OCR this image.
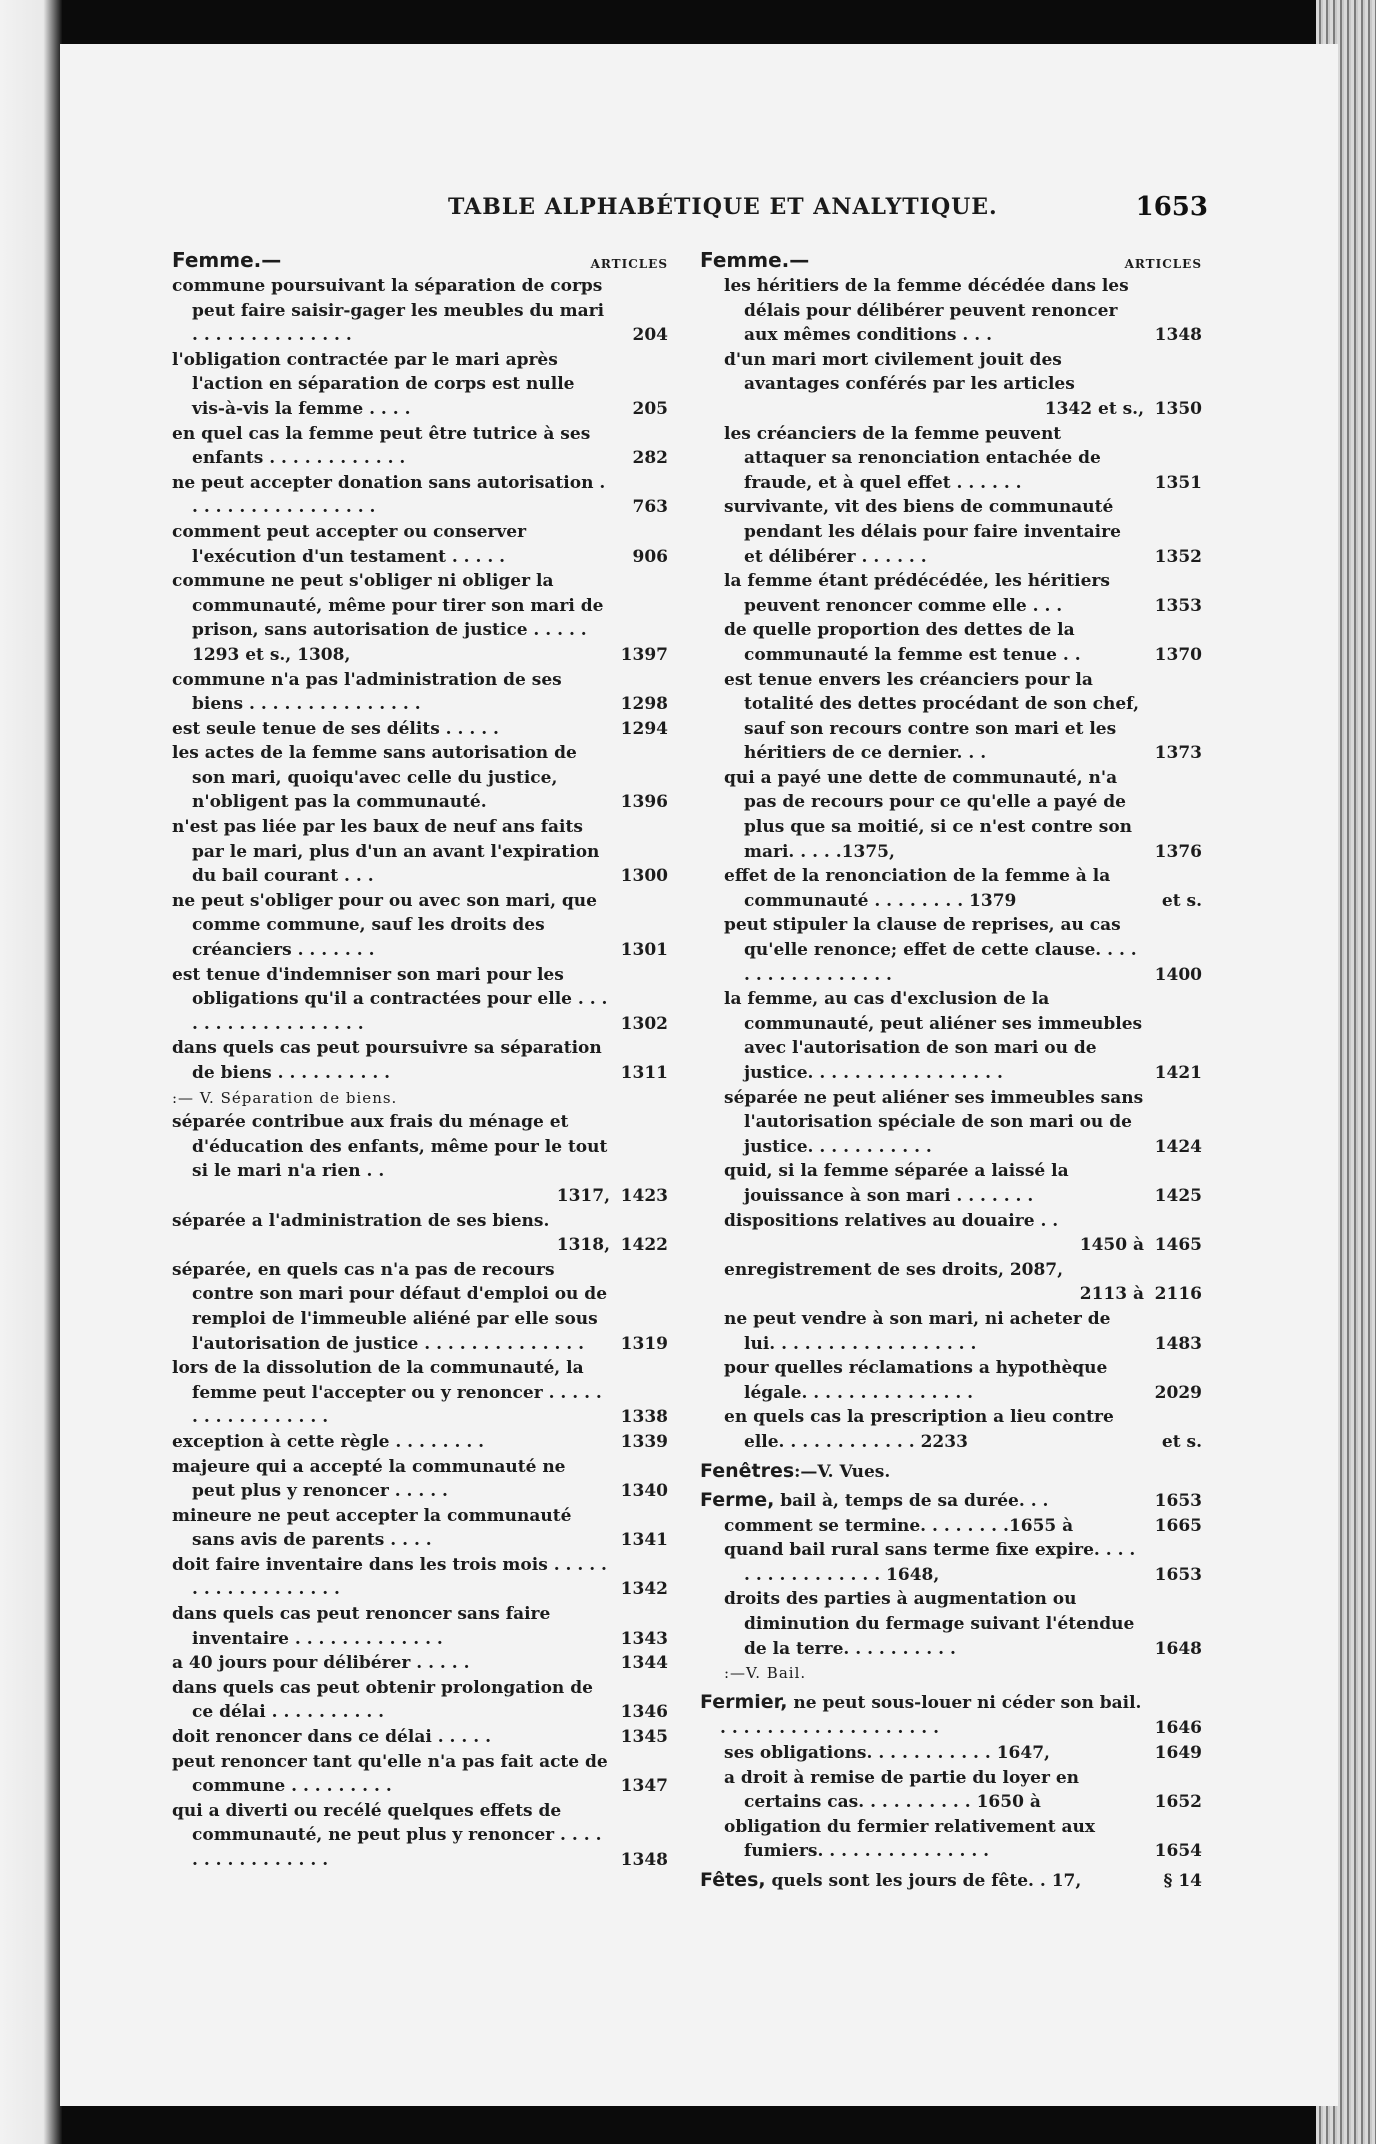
TABLE ALPHABÉTIQUE ET ANALYTIQUE.	1653
Femme.—	ARTICLES
commune poursuivant la séparation de corps peut faire saisir-gager les meubles du mari . . . . . . . . . . . . . .	204
l'obligation contractée par le mari après l'action en séparation de corps est nulle vis-à-vis la femme . . . .	205
en quel cas la femme peut être tutrice à ses enfants . . . . . . . . . . . .	282
ne peut accepter donation sans autorisation . . . . . . . . . . . . . . . . .	763
comment peut accepter ou conserver l'exécution d'un testament . . . . .	906
commune ne peut s'obliger ni obliger la communauté, même pour tirer son mari de prison, sans autorisation de justice . . . . . 1293 et s., 1308,	1397
commune n'a pas l'administration de ses biens . . . . . . . . . . . . . . .	1298
est seule tenue de ses délits . . . . .	1294
les actes de la femme sans autorisation de son mari, quoiqu'avec celle du justice, n'obligent pas la communauté.	1396
n'est pas liée par les baux de neuf ans faits par le mari, plus d'un an avant l'expiration du bail courant . . .	1300
ne peut s'obliger pour ou avec son mari, que comme commune, sauf les droits des créanciers . . . . . . .	1301
est tenue d'indemniser son mari pour les obligations qu'il a contractées pour elle . . . . . . . . . . . . . . . . . .	1302
dans quels cas peut poursuivre sa séparation de biens . . . . . . . . . .	1311
:— V. Séparation de biens.
séparée contribue aux frais du ménage et d'éducation des enfants, même pour le tout si le mari n'a rien . .
1317, 1423
séparée a l'administration de ses biens.
1318, 1422
séparée, en quels cas n'a pas de recours contre son mari pour défaut d'emploi ou de remploi de l'immeuble aliéné par elle sous l'autorisation de justice . . . . . . . . . . . . . . 1319
lors de la dissolution de la communauté, la femme peut l'accepter ou y renoncer . . . . . . . . . . . . . . . . .	1338
exception à cette règle . . . . . . . .	1339
majeure qui a accepté la communauté ne peut plus y renoncer . . . . .	1340
mineure ne peut accepter la communauté sans avis de parents . . . .	1341
doit faire inventaire dans les trois mois . . . . . . . . . . . . . . . . . .	1342
dans quels cas peut renoncer sans faire inventaire . . . . . . . . . . . . .	1343
a 40 jours pour délibérer . . . . .	1344
dans quels cas peut obtenir prolongation de ce délai . . . . . . . . . .	1346
doit renoncer dans ce délai . . . . .	1345
peut renoncer tant qu'elle n'a pas fait acte de commune . . . . . . . . .	1347
qui a diverti ou recélé quelques effets de communauté, ne peut plus y renoncer . . . . . . . . . . . . . . . .	1348
Femme.—	ARTICLES
les héritiers de la femme décédée dans les délais pour délibérer peuvent renoncer aux mêmes conditions . . .	1348
d'un mari mort civilement jouit des avantages conférés par les articles
1342 et s., 1350
les créanciers de la femme peuvent attaquer sa renonciation entachée de fraude, et à quel effet . . . . . .	1351
survivante, vit des biens de communauté pendant les délais pour faire inventaire et délibérer . . . . . .	1352
la femme étant prédécédée, les héritiers peuvent renoncer comme elle . . .	1353
de quelle proportion des dettes de la communauté la femme est tenue . .	1370
est tenue envers les créanciers pour la totalité des dettes procédant de son chef, sauf son recours contre son mari et les héritiers de ce dernier. . .	1373
qui a payé une dette de communauté, n'a pas de recours pour ce qu'elle a payé de plus que sa moitié, si ce n'est contre son mari. . . . .1375,	1376
effet de la renonciation de la femme à la communauté . . . . . . . . 1379	et s.
peut stipuler la clause de reprises, au cas qu'elle renonce; effet de cette clause. . . . . . . . . . . . . . . . .	1400
la femme, au cas d'exclusion de la communauté, peut aliéner ses immeubles avec l'autorisation de son mari ou de justice. . . . . . . . . . . . . . . . .	1421
séparée ne peut aliéner ses immeubles sans l'autorisation spéciale de son mari ou de justice. . . . . . . . . . .	1424
quid, si la femme séparée a laissé la jouissance à son mari . . . . . . .	1425
dispositions relatives au douaire . .
1450 à 1465
enregistrement de ses droits, 2087,
2113 à 2116
ne peut vendre à son mari, ni acheter de lui. . . . . . . . . . . . . . . . . .	1483
pour quelles réclamations a hypothèque légale. . . . . . . . . . . . . . .	2029
en quels cas la prescription a lieu contre elle. . . . . . . . . . . . 2233	et s.
Fenêtres:—V. Vues.
Ferme, bail à, temps de sa durée. . .	1653
comment se termine. . . . . . . .1655 à	1665
quand bail rural sans terme fixe expire. . . . . . . . . . . . . . . . 1648,	1653
droits des parties à augmentation ou diminution du fermage suivant l'étendue de la terre. . . . . . . . . .	1648
:—V. Bail.
Fermier, ne peut sous-louer ni céder son bail. . . . . . . . . . . . . . . . . . . .	1646
ses obligations. . . . . . . . . . . 1647,	1649
a droit à remise de partie du loyer en certains cas. . . . . . . . . . 1650 à	1652
obligation du fermier relativement aux fumiers. . . . . . . . . . . . . . .	1654
Fêtes, quels sont les jours de fête. . 17,	§ 14
